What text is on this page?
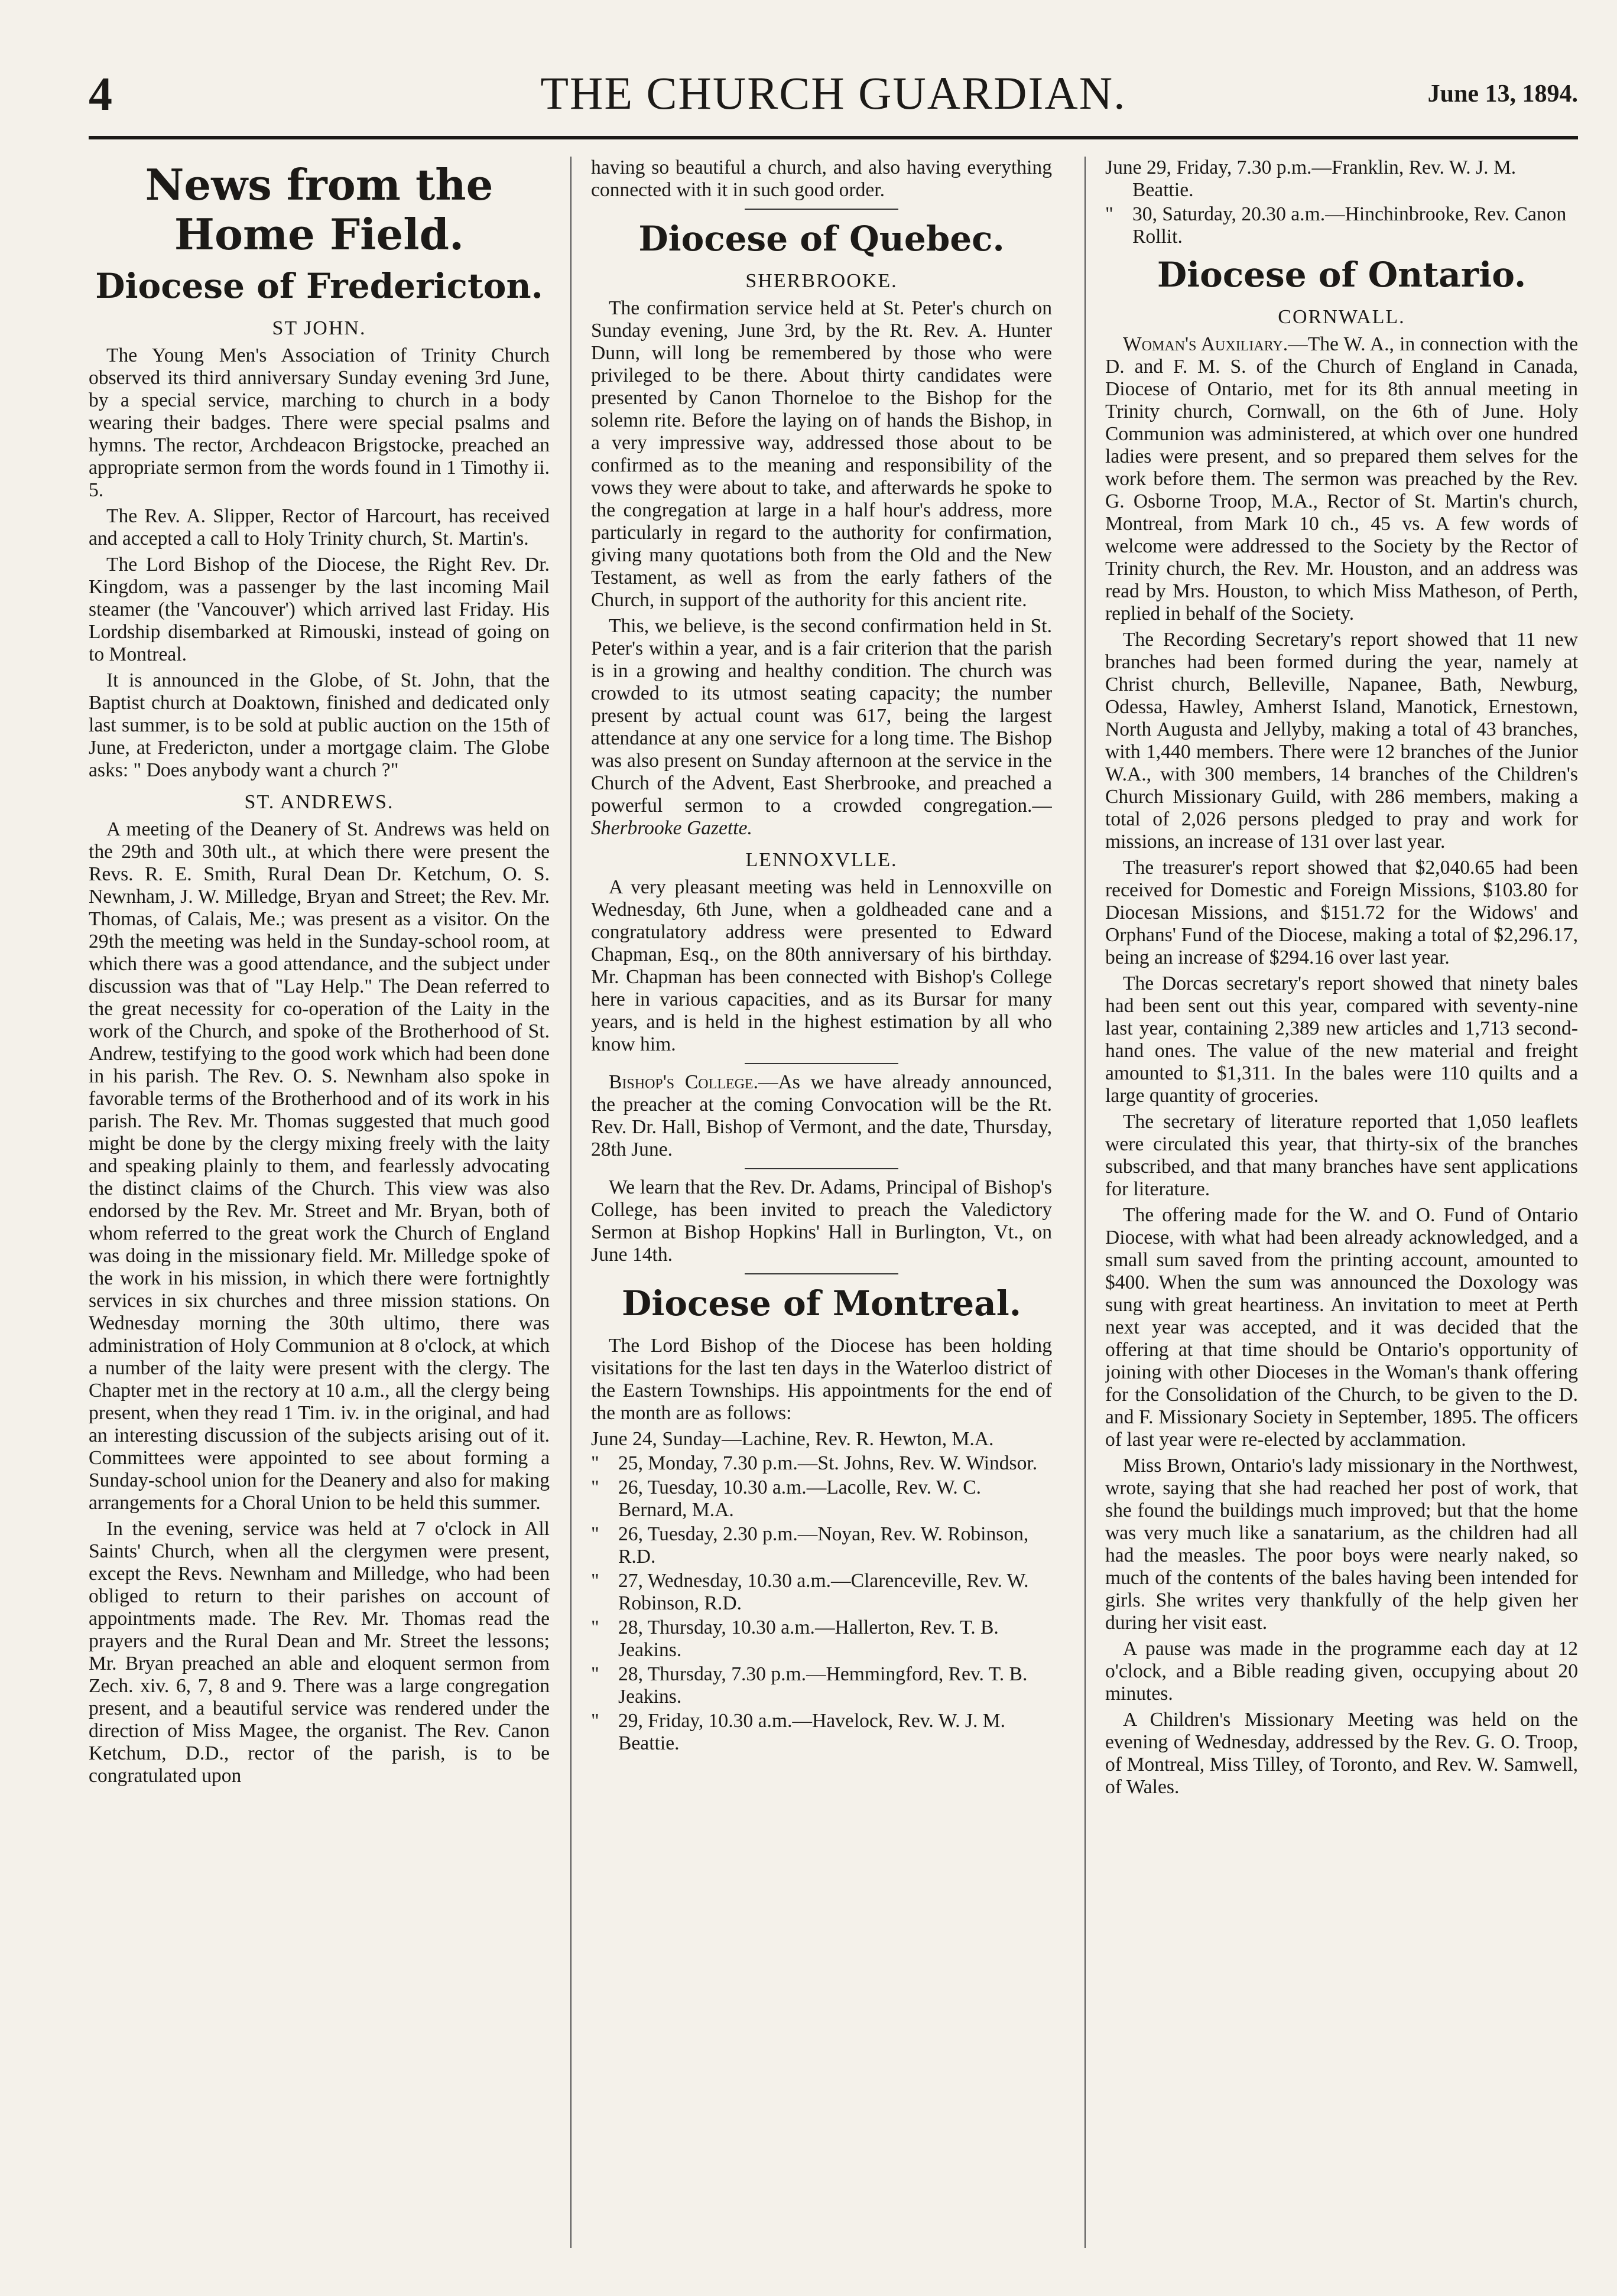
4	THE CHURCH GUARDIAN.	June 13, 1894.
News from the Home Field.
Diocese of Fredericton.
ST JOHN.

The Young Men's Association of Trinity Church observed its third anniversary Sunday evening 3rd June, by a special service, marching to church in a body wearing their badges. There were special psalms and hymns. The rector, Archdeacon Brigstocke, preached an appropriate sermon from the words found in 1 Timothy ii. 5.

The Rev. A. Slipper, Rector of Harcourt, has received and accepted a call to Holy Trinity church, St. Martin's.

The Lord Bishop of the Diocese, the Right Rev. Dr. Kingdom, was a passenger by the last incoming Mail steamer (the 'Vancouver') which arrived last Friday. His Lordship disembarked at Rimouski, instead of going on to Montreal.

It is announced in the Globe, of St. John, that the Baptist church at Doaktown, finished and dedicated only last summer, is to be sold at public auction on the 15th of June, at Fredericton, under a mortgage claim. The Globe asks: " Does anybody want a church ?"

ST. ANDREWS.

A meeting of the Deanery of St. Andrews was held on the 29th and 30th ult., at which there were present the Revs. R. E. Smith, Rural Dean Dr. Ketchum, O. S. Newnham, J. W. Milledge, Bryan and Street; the Rev. Mr. Thomas, of Calais, Me.; was present as a visitor. On the 29th the meeting was held in the Sunday-school room, at which there was a good attendance, and the subject under discussion was that of "Lay Help." The Dean referred to the great necessity for co-operation of the Laity in the work of the Church, and spoke of the Brotherhood of St. Andrew, testifying to the good work which had been done in his parish. The Rev. O. S. Newnham also spoke in favorable terms of the Brotherhood and of its work in his parish. The Rev. Mr. Thomas suggested that much good might be done by the clergy mixing freely with the laity and speaking plainly to them, and fearlessly advocating the distinct claims of the Church. This view was also endorsed by the Rev. Mr. Street and Mr. Bryan, both of whom referred to the great work the Church of England was doing in the missionary field. Mr. Milledge spoke of the work in his mission, in which there were fortnightly services in six churches and three mission stations. On Wednesday morning the 30th ultimo, there was administration of Holy Communion at 8 o'clock, at which a number of the laity were present with the clergy. The Chapter met in the rectory at 10 a.m., all the clergy being present, when they read 1 Tim. iv. in the original, and had an interesting discussion of the subjects arising out of it. Committees were appointed to see about forming a Sunday-school union for the Deanery and also for making arrangements for a Choral Union to be held this summer.

In the evening, service was held at 7 o'clock in All Saints' Church, when all the clergymen were present, except the Revs. Newnham and Milledge, who had been obliged to return to their parishes on account of appointments made. The Rev. Mr. Thomas read the prayers and the Rural Dean and Mr. Street the lessons; Mr. Bryan preached an able and eloquent sermon from Zech. xiv. 6, 7, 8 and 9. There was a large congregation present, and a beautiful service was rendered under the direction of Miss Magee, the organist. The Rev. Canon Ketchum, D.D., rector of the parish, is to be congratulated upon

having so beautiful a church, and also having everything connected with it in such good order.

Diocese of Quebec.
SHERBROOKE.

The confirmation service held at St. Peter's church on Sunday evening, June 3rd, by the Rt. Rev. A. Hunter Dunn, will long be remembered by those who were privileged to be there. About thirty candidates were presented by Canon Thorneloe to the Bishop for the solemn rite. Before the laying on of hands the Bishop, in a very impressive way, addressed those about to be confirmed as to the meaning and responsibility of the vows they were about to take, and afterwards he spoke to the congregation at large in a half hour's address, more particularly in regard to the authority for confirmation, giving many quotations both from the Old and the New Testament, as well as from the early fathers of the Church, in support of the authority for this ancient rite.

This, we believe, is the second confirmation held in St. Peter's within a year, and is a fair criterion that the parish is in a growing and healthy condition. The church was crowded to its utmost seating capacity; the number present by actual count was 617, being the largest attendance at any one service for a long time. The Bishop was also present on Sunday afternoon at the service in the Church of the Advent, East Sherbrooke, and preached a powerful sermon to a crowded congregation.—Sherbrooke Gazette.

LENNOXVLLE.

A very pleasant meeting was held in Lennoxville on Wednesday, 6th June, when a goldheaded cane and a congratulatory address were presented to Edward Chapman, Esq., on the 80th anniversary of his birthday. Mr. Chapman has been connected with Bishop's College here in various capacities, and as its Bursar for many years, and is held in the highest estimation by all who know him.

Bishop's College.—As we have already announced, the preacher at the coming Convocation will be the Rt. Rev. Dr. Hall, Bishop of Vermont, and the date, Thursday, 28th June.

We learn that the Rev. Dr. Adams, Principal of Bishop's College, has been invited to preach the Valedictory Sermon at Bishop Hopkins' Hall in Burlington, Vt., on June 14th.

Diocese of Montreal.

The Lord Bishop of the Diocese has been holding visitations for the last ten days in the Waterloo district of the Eastern Townships. His appointments for the end of the month are as follows:

June 24, Sunday—Lachine, Rev. R. Hewton, M.A.
" 25, Monday, 7.30 p.m.—St. Johns, Rev. W. Windsor.
" 26, Tuesday, 10.30 a.m.—Lacolle, Rev. W. C. Bernard, M.A.
" 26, Tuesday, 2.30 p.m.—Noyan, Rev. W. Robinson, R.D.
" 27, Wednesday, 10.30 a.m.—Clarenceville, Rev. W. Robinson, R.D.
" 28, Thursday, 10.30 a.m.—Hallerton, Rev. T. B. Jeakins.
" 28, Thursday, 7.30 p.m.—Hemmingford, Rev. T. B. Jeakins.
" 29, Friday, 10.30 a.m.—Havelock, Rev. W. J. M. Beattie.
June 29, Friday, 7.30 p.m.—Franklin, Rev. W. J. M. Beattie.
" 30, Saturday, 20.30 a.m.—Hinchinbrooke, Rev. Canon Rollit.
Diocese of Ontario.
CORNWALL.

Woman's Auxiliary.—The W. A., in connection with the D. and F. M. S. of the Church of England in Canada, Diocese of Ontario, met for its 8th annual meeting in Trinity church, Cornwall, on the 6th of June. Holy Communion was administered, at which over one hundred ladies were present, and so prepared them selves for the work before them. The sermon was preached by the Rev. G. Osborne Troop, M.A., Rector of St. Martin's church, Montreal, from Mark 10 ch., 45 vs. A few words of welcome were addressed to the Society by the Rector of Trinity church, the Rev. Mr. Houston, and an address was read by Mrs. Houston, to which Miss Matheson, of Perth, replied in behalf of the Society.

The Recording Secretary's report showed that 11 new branches had been formed during the year, namely at Christ church, Belleville, Napanee, Bath, Newburg, Odessa, Hawley, Amherst Island, Manotick, Ernestown, North Augusta and Jellyby, making a total of 43 branches, with 1,440 members. There were 12 branches of the Junior W.A., with 300 members, 14 branches of the Children's Church Missionary Guild, with 286 members, making a total of 2,026 persons pledged to pray and work for missions, an increase of 131 over last year.

The treasurer's report showed that $2,040.65 had been received for Domestic and Foreign Missions, $103.80 for Diocesan Missions, and $151.72 for the Widows' and Orphans' Fund of the Diocese, making a total of $2,296.17, being an increase of $294.16 over last year.

The Dorcas secretary's report showed that ninety bales had been sent out this year, compared with seventy-nine last year, containing 2,389 new articles and 1,713 second-hand ones. The value of the new material and freight amounted to $1,311. In the bales were 110 quilts and a large quantity of groceries.

The secretary of literature reported that 1,050 leaflets were circulated this year, that thirty-six of the branches subscribed, and that many branches have sent applications for literature.

The offering made for the W. and O. Fund of Ontario Diocese, with what had been already acknowledged, and a small sum saved from the printing account, amounted to $400. When the sum was announced the Doxology was sung with great heartiness. An invitation to meet at Perth next year was accepted, and it was decided that the offering at that time should be Ontario's opportunity of joining with other Dioceses in the Woman's thank offering for the Consolidation of the Church, to be given to the D. and F. Missionary Society in September, 1895. The officers of last year were re-elected by acclammation.

Miss Brown, Ontario's lady missionary in the Northwest, wrote, saying that she had reached her post of work, that she found the buildings much improved; but that the home was very much like a sanatarium, as the children had all had the measles. The poor boys were nearly naked, so much of the contents of the bales having been intended for girls. She writes very thankfully of the help given her during her visit east.

A pause was made in the programme each day at 12 o'clock, and a Bible reading given, occupying about 20 minutes.

A Children's Missionary Meeting was held on the evening of Wednesday, addressed by the Rev. G. O. Troop, of Montreal, Miss Tilley, of Toronto, and Rev. W. Samwell, of Wales.
